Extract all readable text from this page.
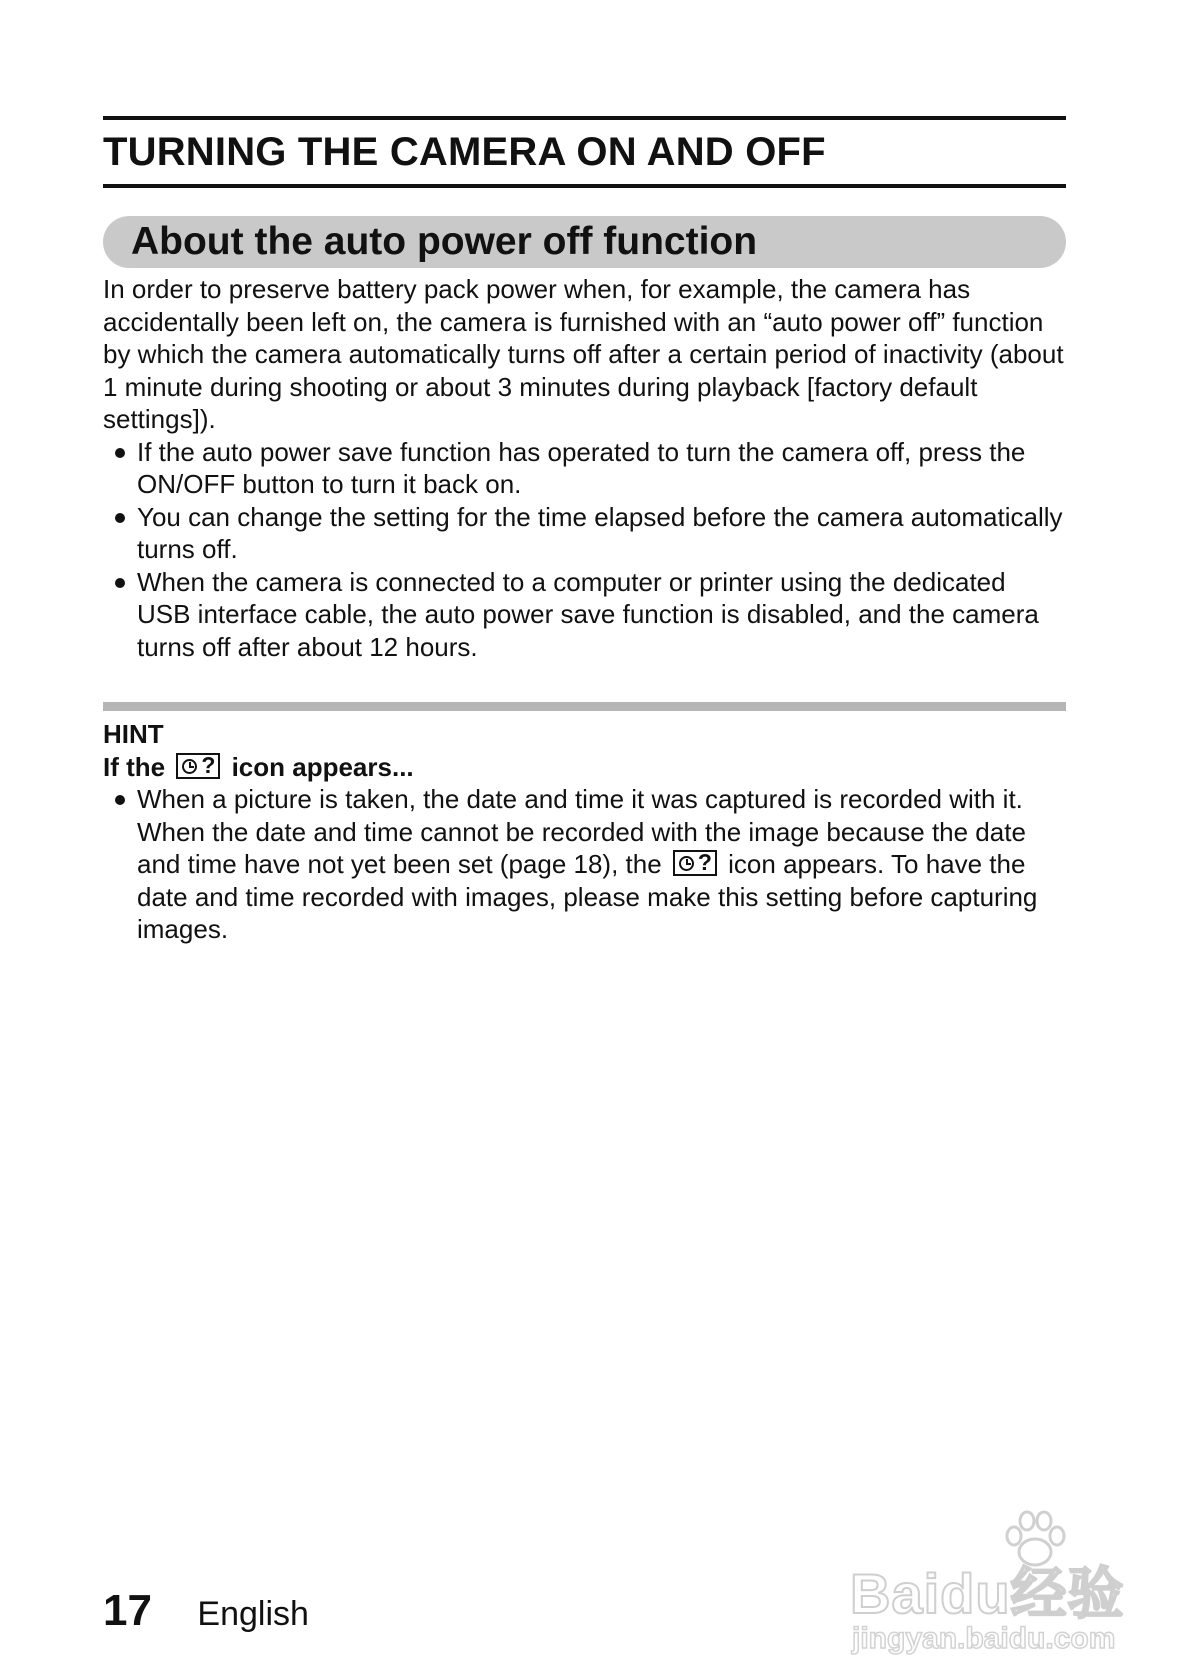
TURNING THE CAMERA ON AND OFF
About the auto power off function

In order to preserve battery pack power when, for example, the camera has accidentally been left on, the camera is furnished with an “auto power off” function by which the camera automatically turns off after a certain period of inactivity (about 1 minute during shooting or about 3 minutes during playback [factory default settings]).

If the auto power save function has operated to turn the camera off, press the ON/OFF button to turn it back on.
You can change the setting for the time elapsed before the camera automatically turns off.
When the camera is connected to a computer or printer using the dedicated USB interface cable, the auto power save function is disabled, and the camera turns off after about 12 hours.

HINT

If the ? icon appears...

When a picture is taken, the date and time it was captured is recorded with it. When the date and time cannot be recorded with the image because the date and time have not yet been set (page 18), the ? icon appears. To have the date and time recorded with images, please make this setting before capturing images.
17 English	Baidu经验
jingyan.baidu.com
